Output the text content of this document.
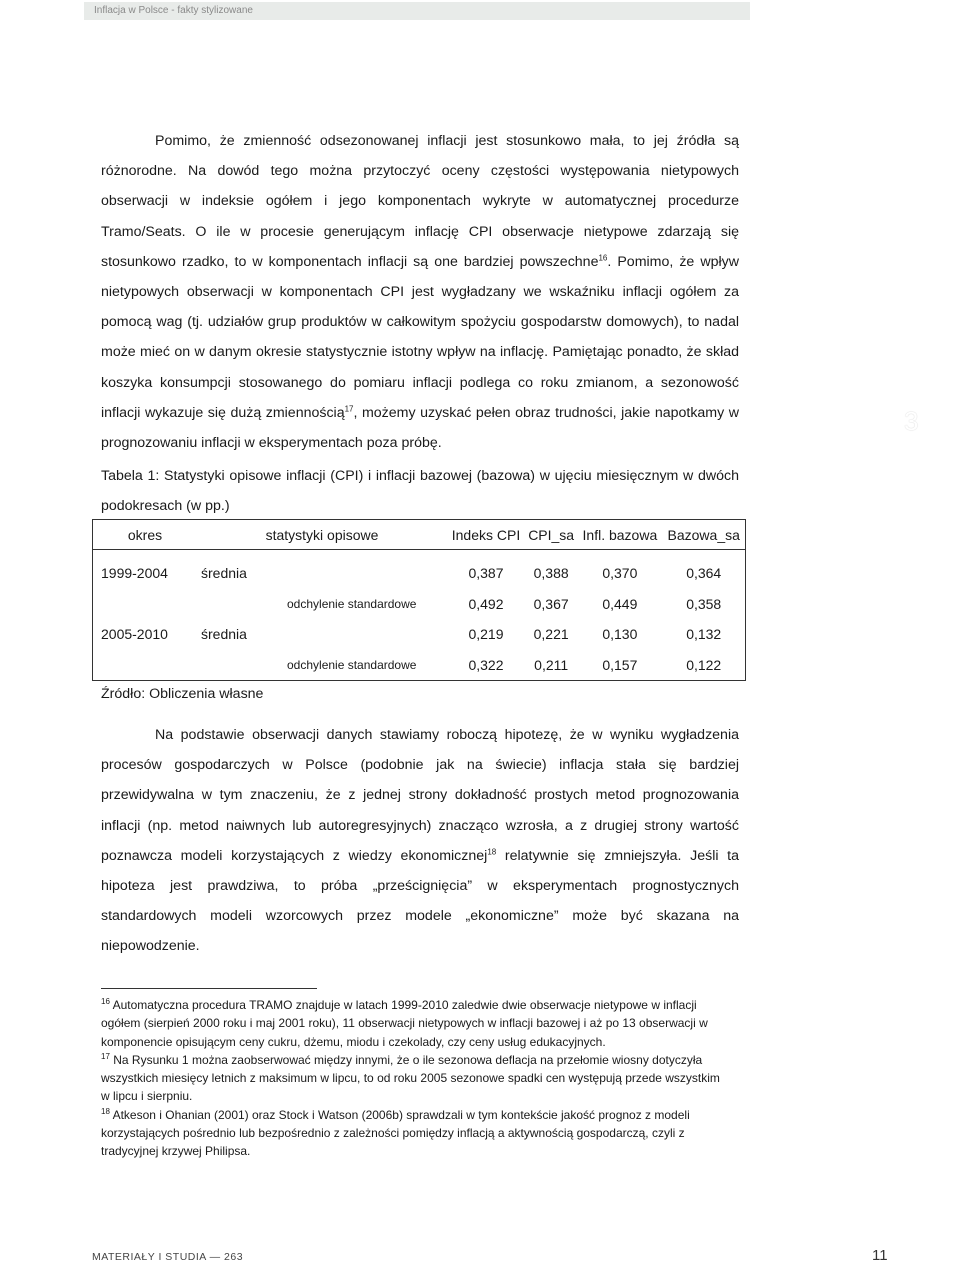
Inflacja w Polsce - fakty stylizowane
3

Pomimo, że zmienność odsezonowanej inflacji jest stosunkowo mała, to jej źródła są różnorodne. Na dowód tego można przytoczyć oceny częstości występowania nietypowych obserwacji w indeksie ogółem i jego komponentach wykryte w automatycznej procedurze Tramo/Seats. O ile w procesie generującym inflację CPI obserwacje nietypowe zdarzają się stosunkowo rzadko, to w komponentach inflacji są one bardziej powszechne$^{16}$. Pomimo, że wpływ nietypowych obserwacji w komponentach CPI jest wygładzany we wskaźniku inflacji ogółem za pomocą wag (tj. udziałów grup produktów w całkowitym spożyciu gospodarstw domowych), to nadal może mieć on w danym okresie statystycznie istotny wpływ na inflację. Pamiętając ponadto, że skład koszyka konsumpcji stosowanego do pomiaru inflacji podlega co roku zmianom, a sezonowość inflacji wykazuje się dużą zmiennością$^{17}$, możemy uzyskać pełen obraz trudności, jakie napotkamy w prognozowaniu inflacji w eksperymentach poza próbę.

Tabela 1: Statystyki opisowe inflacji (CPI) i inflacji bazowej (bazowa) w ujęciu miesięcznym w dwóch podokresach (w pp.)

okres	statystyki opisowe	Indeks CPI	CPI_sa	Infl. bazowa	Bazowa_sa

1999-2004	średnia	0,387	0,388	0,370	0,364
	odchylenie standardowe	0,492	0,367	0,449	0,358
2005-2010	średnia	0,219	0,221	0,130	0,132
	odchylenie standardowe	0,322	0,211	0,157	0,122
Źródło: Obliczenia własne

Na podstawie obserwacji danych stawiamy roboczą hipotezę, że w wyniku wygładzenia procesów gospodarczych w Polsce (podobnie jak na świecie) inflacja stała się bardziej przewidywalna w tym znaczeniu, że z jednej strony dokładność prostych metod prognozowania inflacji (np. metod naiwnych lub autoregresyjnych) znacząco wzrosła, a z drugiej strony wartość poznawcza modeli korzystających z wiedzy ekonomicznej$^{18}$ relatywnie się zmniejszyła. Jeśli ta hipoteza jest prawdziwa, to próba „prześcignięcia” w eksperymentach prognostycznych standardowych modeli wzorcowych przez modele „ekonomiczne” może być skazana na niepowodzenie.

$^{16}$ Automatyczna procedura TRAMO znajduje w latach 1999-2010 zaledwie dwie obserwacje nietypowe w inflacji ogółem (sierpień 2000 roku i maj 2001 roku), 11 obserwacji nietypowych w inflacji bazowej i aż po 13 obserwacji w komponencie opisującym ceny cukru, dżemu, miodu i czekolady, czy ceny usług edukacyjnych.

$^{17}$ Na Rysunku 1 można zaobserwować między innymi, że o ile sezonowa deflacja na przełomie wiosny dotyczyła wszystkich miesięcy letnich z maksimum w lipcu, to od roku 2005 sezonowe spadki cen występują przede wszystkim w lipcu i sierpniu.

$^{18}$ Atkeson i Ohanian (2001) oraz Stock i Watson (2006b) sprawdzali w tym kontekście jakość prognoz z modeli korzystających pośrednio lub bezpośrednio z zależności pomiędzy inflacją a aktywnością gospodarczą, czyli z tradycyjnej krzywej Philipsa.

MATERIAŁY I STUDIA — 263	11
